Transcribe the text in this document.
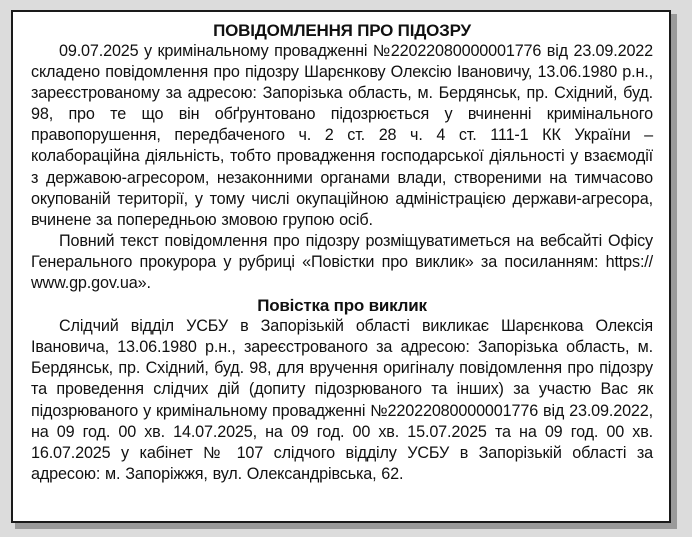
ПОВІДОМЛЕННЯ ПРО ПІДОЗРУ

09.07.2025 у кримінальному провадженні №22022080000001776 від 23.09.2022 складено повідомлення про підозру Шарєнкову Олексію Івановичу, 13.06.1980 р.н., зареєстрованому за адресою: Запорізька область, м. Бердянськ, пр. Східний, буд. 98, про те що він обґрунтовано підозрюється у вчиненні кримінального правопорушення, передбаченого ч. 2 ст. 28 ч. 4 ст. 111-1 КК України – колабораційна діяльність, тобто провадження господарської діяльності у взаємодії з державою-агресором, незаконними органами влади, створеними на тимчасово окупованій території, у тому числі окупаційною адміністрацією держави-агресора, вчинене за попередньою змовою групою осіб.

Повний текст повідомлення про підозру розміщуватиметься на вебсайті Офісу Генерального прокурора у рубриці «Повістки про виклик» за посиланням: https:// www.gp.gov.ua».

Повістка про виклик

Слідчий відділ УСБУ в Запорізькій області викликає Шарєнкова Олексія Івановича, 13.06.1980 р.н., зареєстрованого за адресою: Запорізька область, м. Бердянськ, пр. Східний, буд. 98, для вручення оригіналу повідомлення про підозру та проведення слідчих дій (допиту підозрюваного та інших) за участю Вас як підозрюваного у кримінальному провадженні №22022080000001776 від 23.09.2022, на 09 год. 00 хв. 14.07.2025, на 09 год. 00 хв. 15.07.2025 та на 09 год. 00 хв. 16.07.2025 у кабінет № 107 слідчого відділу УСБУ в Запорізькій області за адресою: м. Запоріжжя, вул. Олександрівська, 62.
